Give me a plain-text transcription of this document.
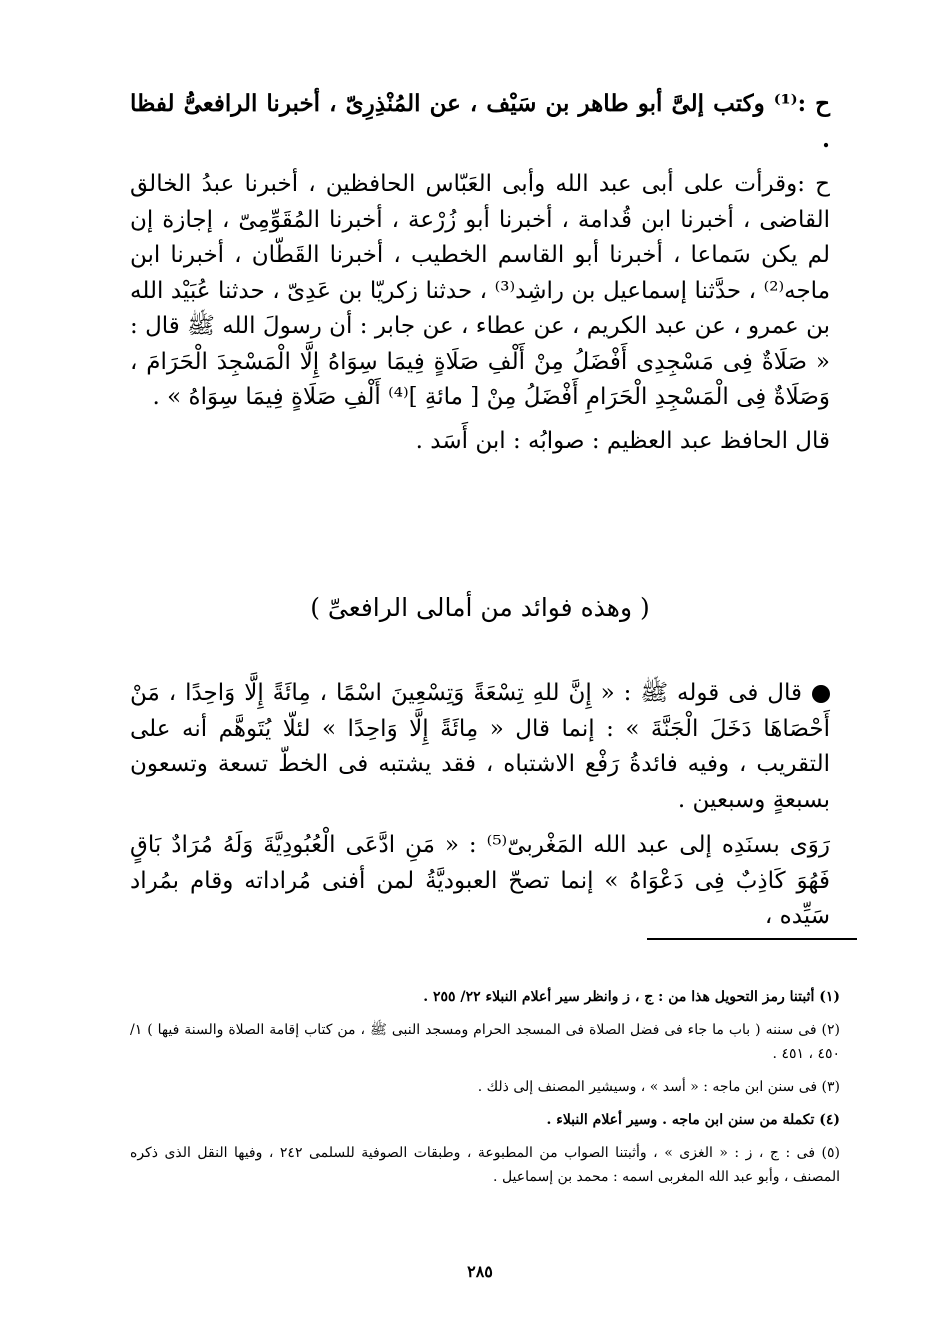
ح :⁽¹⁾ وكتب إلىَّ أبو طاهر بن سَيْف ، عن المُنْذِرِىّ ، أخبرنا الرافعىُّ لفظا .

ح :وقرأت على أبى عبد الله وأبى العَبّاس الحافظين ، أخبرنا عبدُ الخالق القاضى ، أخبرنا ابن قُدامة ، أخبرنا أبو زُرْعة ، أخبرنا المُقَوِّمِىّ ، إجازة إن لم يكن سَماعا ، أخبرنا أبو القاسم الخطيب ، أخبرنا القَطّان ، أخبرنا ابن ماجه⁽²⁾ ، حدَّثنا إسماعيل بن راشِد⁽³⁾ ، حدثنا زكريّا بن عَدِىّ ، حدثنا عُبَيْد الله بن عمرو ، عن عبد الكريم ، عن عطاء ، عن جابر : أن رسولَ الله ﷺ قال : « صَلَاةٌ فِى مَسْجِدِى أَفْضَلُ مِنْ أَلْفِ صَلَاةٍ فِيمَا سِوَاهُ إِلَّا الْمَسْجِدَ الْحَرَامَ ، وَصَلَاةٌ فِى الْمَسْجِدِ الْحَرَامِ أَفْضَلُ مِنْ [ مائةِ ]⁽⁴⁾ أَلْفِ صَلَاةٍ فِيمَا سِوَاهُ » .

قال الحافظ عبد العظيم : صوابُه : ابن أَسَد .

( وهذه فوائد من أمالى الرافعىِّ )

قال فى قوله ﷺ : « إِنَّ للهِ تِسْعَةً وَتِسْعِينَ اسْمًا ، مِائَةً إِلَّا وَاحِدًا ، مَنْ أَحْصَاهَا دَخَلَ الْجَنَّةَ » : إنما قال « مِائَةً إِلَّا وَاحِدًا » لئلّا يُتَوهَّم أنه على التقريب ، وفيه فائدةُ رَفْع الاشتباه ، فقد يشتبه فى الخطّ تسعة وتسعون بسبعةٍ وسبعين .

رَوَى بسنَدِه إلى عبد الله المَغْربىّ⁽⁵⁾ : « مَنِ ادَّعَى الْعُبُودِيَّةَ وَلَهُ مُرَادٌ بَاقٍ فَهُوَ كَاذِبٌ فِى دَعْوَاهُ » إنما تصحّ العبوديَّةُ لمن أفنى مُراداته وقام بمُراد سَيِّده ،

(١) أثبتنا رمز التحويل هذا من : ج ، ز وانظر سير أعلام النبلاء ٢٢/ ٢٥٥ .

(٢) فى سننه ( باب ما جاء فى فضل الصلاة فى المسجد الحرام ومسجد النبى ﷺ ، من كتاب إقامة الصلاة والسنة فيها ) ١/ ٤٥٠ ، ٤٥١ .

(٣) فى سنن ابن ماجه : « أسد » ، وسيشير المصنف إلى ذلك .

(٤) تكملة من سنن ابن ماجه . وسير أعلام النبلاء .

(٥) فى : ج ، ز : « الغزى » ، وأثبتنا الصواب من المطبوعة ، وطبقات الصوفية للسلمى ٢٤٢ ، وفيها النقل الذى ذكره المصنف ، وأبو عبد الله المغربى اسمه : محمد بن إسماعيل .

٢٨٥
